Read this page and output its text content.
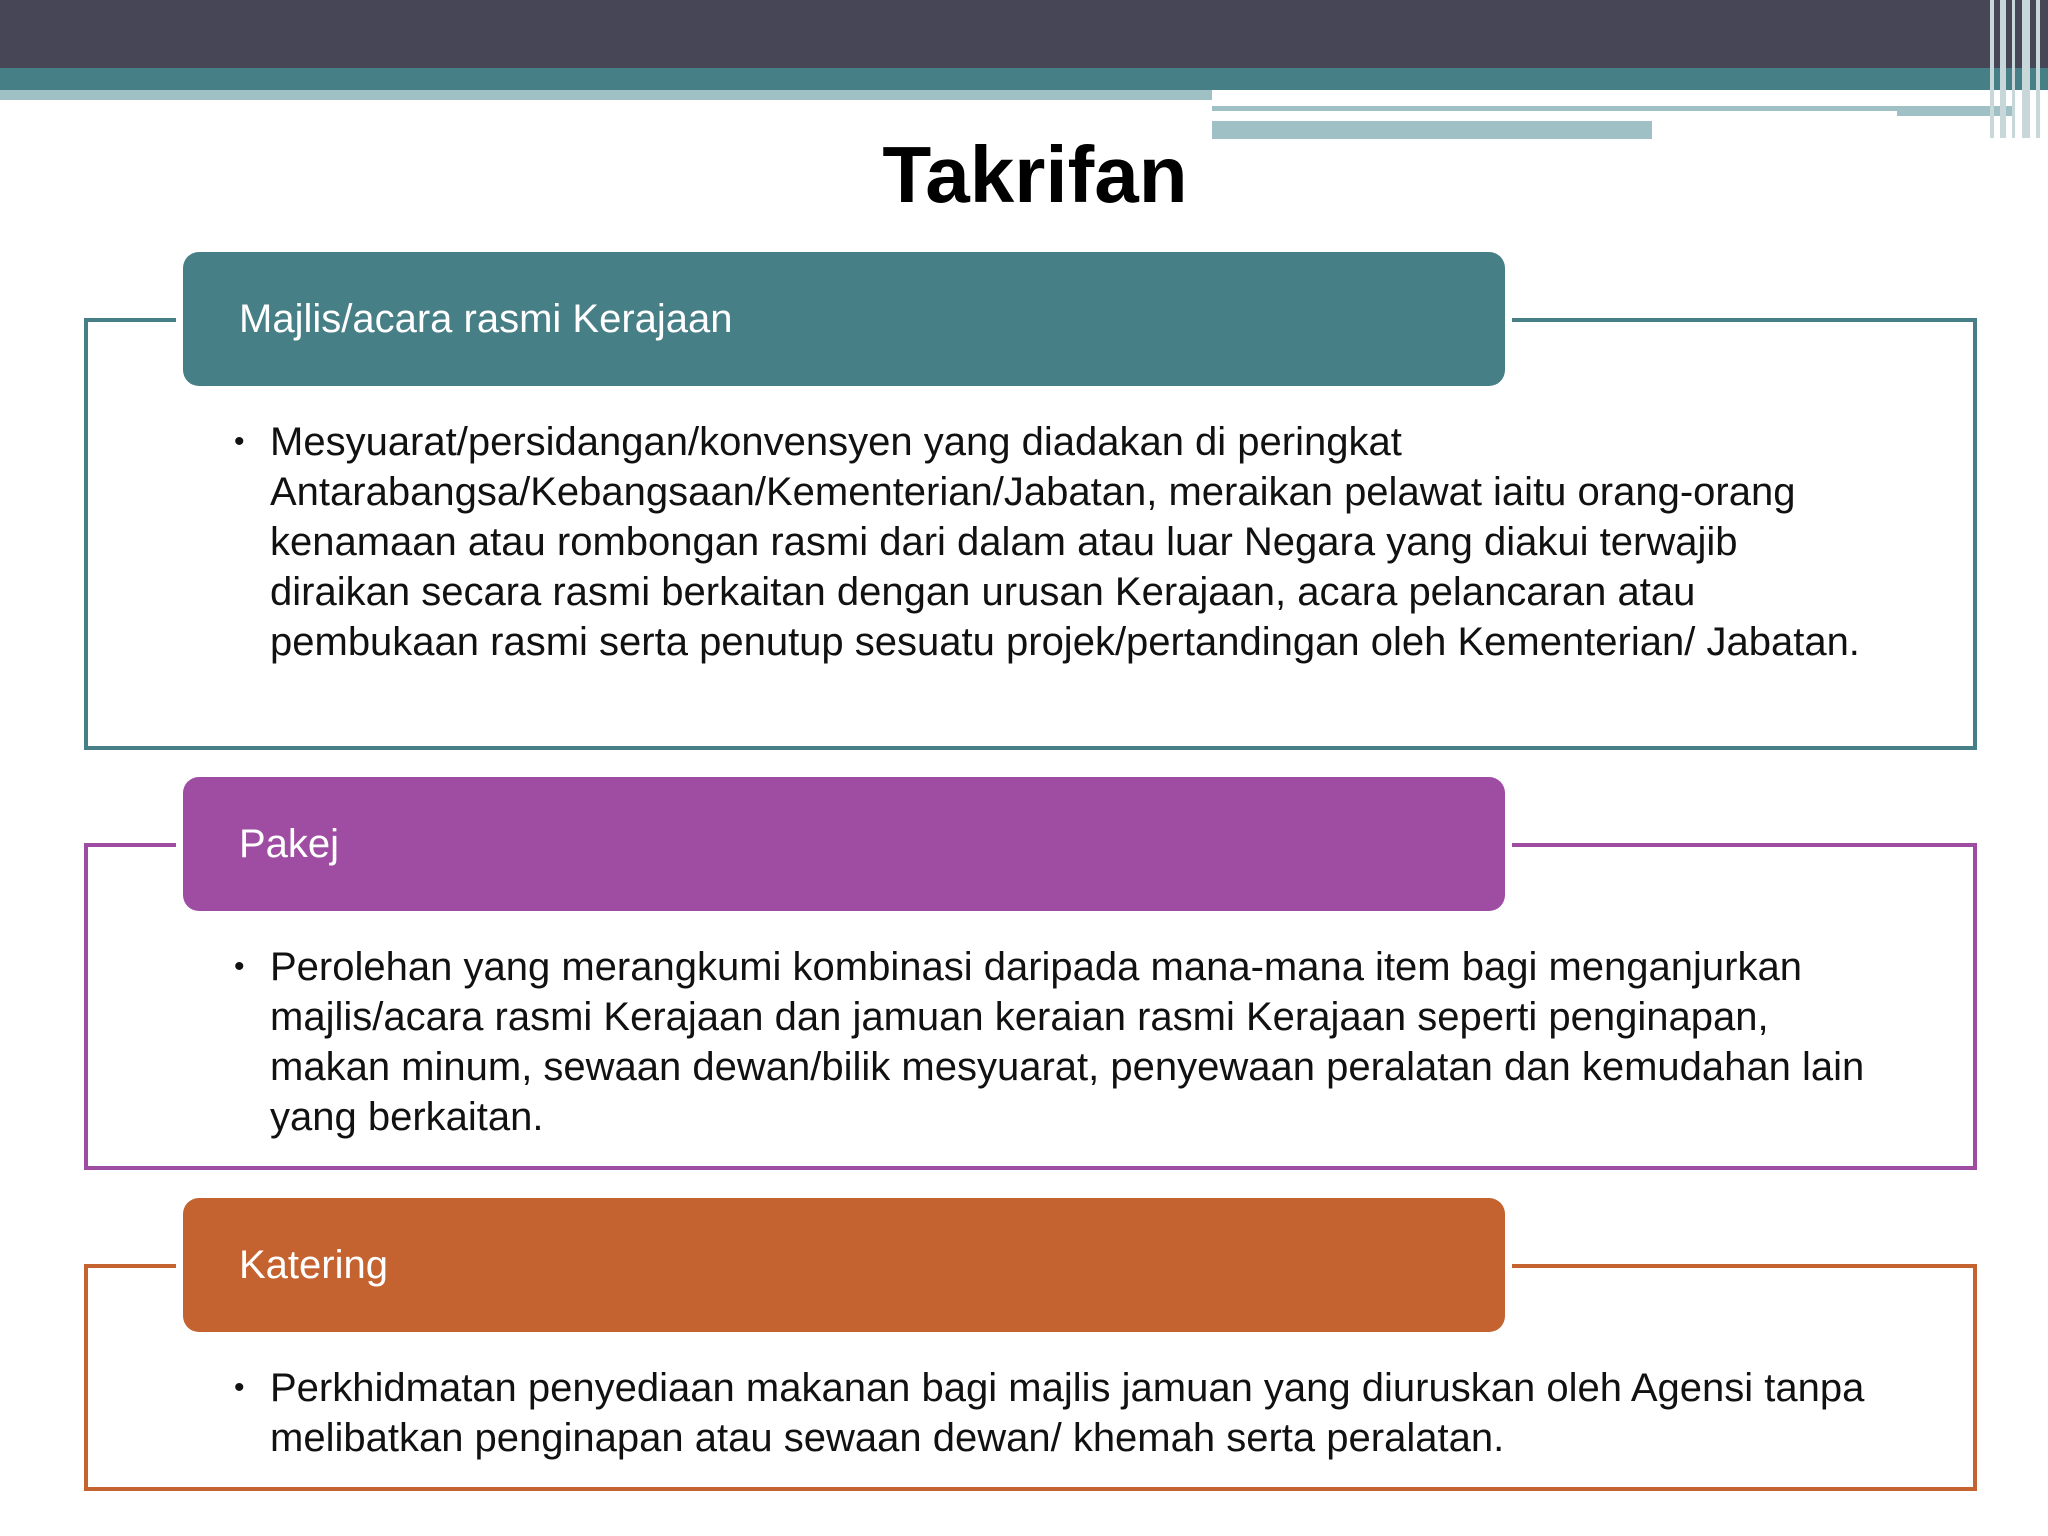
Takrifan
Majlis/acara rasmi Kerajaan
• Mesyuarat/persidangan/konvensyen yang diadakan di peringkat Antarabangsa/Kebangsaan/Kementerian/Jabatan, meraikan pelawat iaitu orang-orang kenamaan atau rombongan rasmi dari dalam atau luar Negara yang diakui terwajib diraikan secara rasmi berkaitan dengan urusan Kerajaan, acara pelancaran atau pembukaan rasmi serta penutup sesuatu projek/pertandingan oleh Kementerian/ Jabatan.
Pakej
• Perolehan yang merangkumi kombinasi daripada mana-mana item bagi menganjurkan majlis/acara rasmi Kerajaan dan jamuan keraian rasmi Kerajaan seperti penginapan, makan minum, sewaan dewan/bilik mesyuarat, penyewaan peralatan dan kemudahan lain yang berkaitan.
Katering
• Perkhidmatan penyediaan makanan bagi majlis jamuan yang diuruskan oleh Agensi tanpa melibatkan penginapan atau sewaan dewan/ khemah serta peralatan.
